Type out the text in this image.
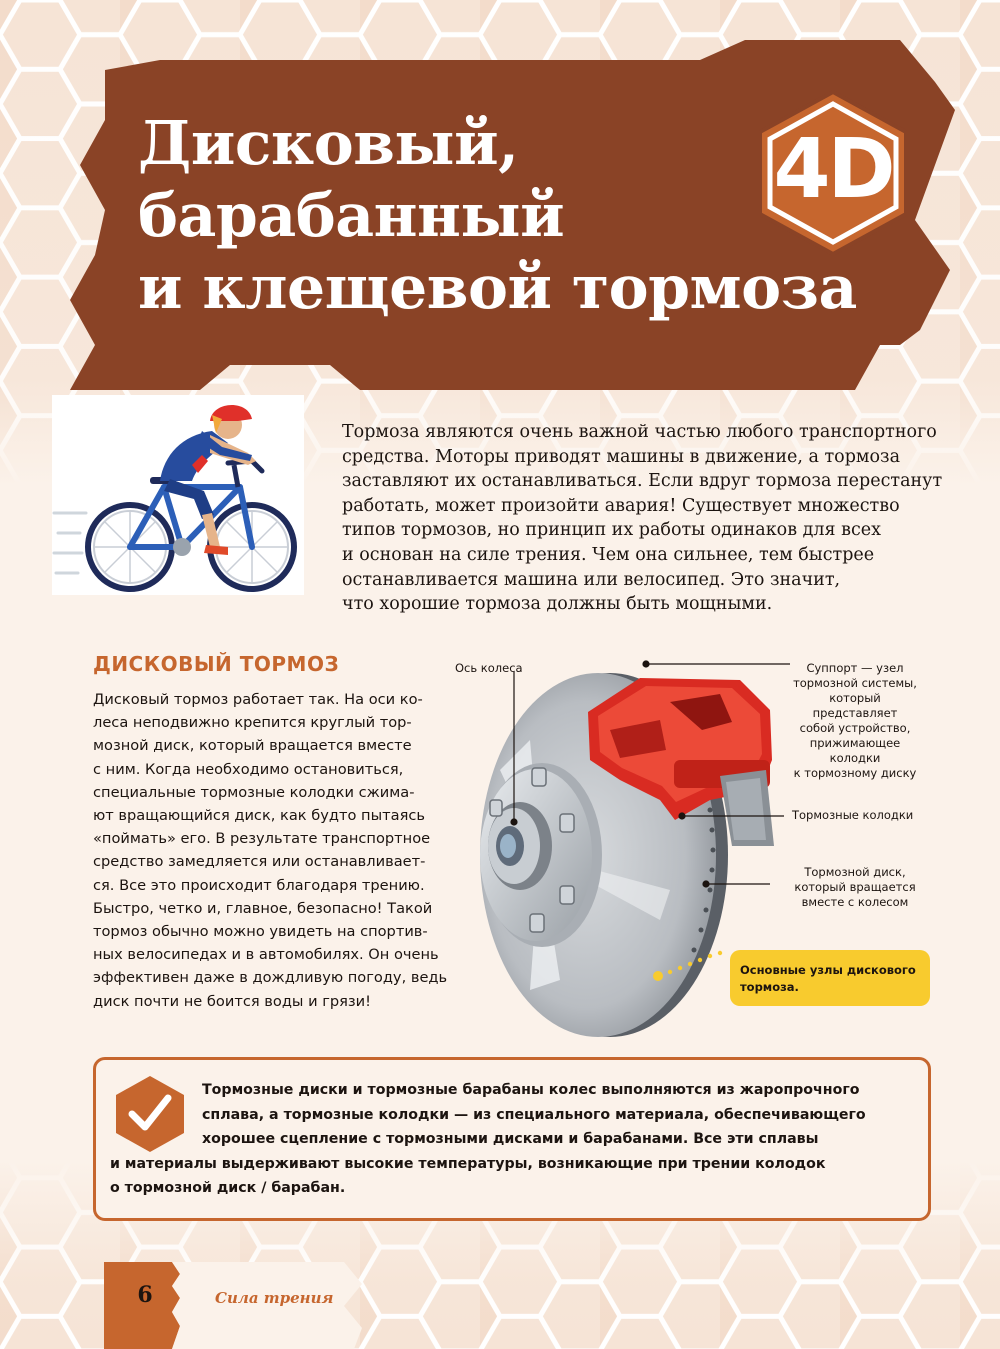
Дисковый,
барабанный
и клещевой тормоза
4D
Тормоза являются очень важной частью любого транспортного
средства. Моторы приводят машины в движение, а тормоза
заставляют их останавливаться. Если вдруг тормоза перестанут
работать, может произойти авария! Существует множество
типов тормозов, но принцип их работы одинаков для всех
и основан на силе трения. Чем она сильнее, тем быстрее
останавливается машина или велосипед. Это значит,
что хорошие тормоза должны быть мощными.
ДИСКОВЫЙ ТОРМОЗ
Дисковый тормоз работает так. На оси ко-
леса неподвижно крепится круглый тор-
мозной диск, который вращается вместе
с ним. Когда необходимо остановиться,
специальные тормозные колодки сжима-
ют вращающийся диск, как будто пытаясь
«поймать» его. В результате транспортное
средство замедляется или останавливает-
ся. Все это происходит благодаря трению.
Быстро, четко и, главное, безопасно! Такой
тормоз обычно можно увидеть на спортив-
ных велосипедах и в автомобилях. Он очень
эффективен даже в дождливую погоду, ведь
диск почти не боится воды и грязи!
Ось колеса	Суппорт — узел
тормозной системы,
который
представляет
собой устройство,
прижимающее
колодки
к тормозному диску
Тормозные колодки
Тормозной диск,
который вращается
вместе с колесом
Основные узлы дискового
тормоза.
Тормозные диски и тормозные барабаны колес выполняются из жаропрочного
сплава, а тормозные колодки — из специального материала, обеспечивающего
хорошее сцепление с тормозными дисками и барабанами. Все эти сплавы
и материалы выдерживают высокие температуры, возникающие при трении колодок
о тормозной диск / барабан.
6	Сила трения
